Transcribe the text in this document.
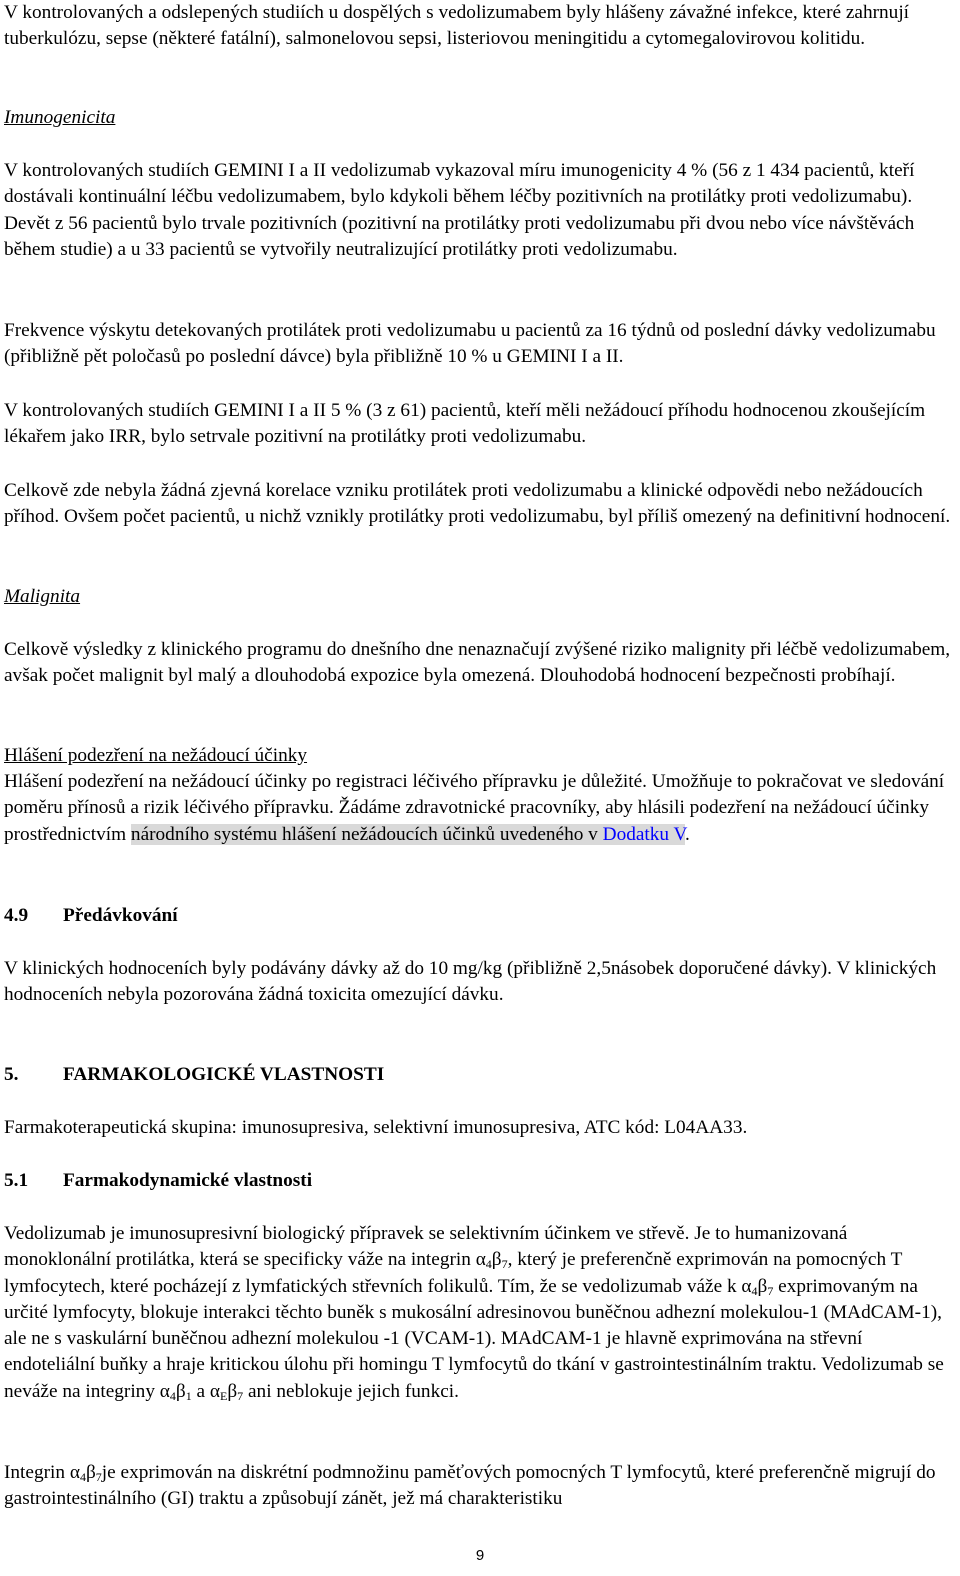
V kontrolovaných a odslepených studiích u dospělých s vedolizumabem byly hlášeny závažné infekce, které zahrnují tuberkulózu, sepse (některé fatální), salmonelovou sepsi, listeriovou meningitidu a cytomegalovirovou kolitidu.

Imunogenicita

V kontrolovaných studiích GEMINI I a II vedolizumab vykazoval míru imunogenicity 4 % (56 z 1 434 pacientů, kteří dostávali kontinuální léčbu vedolizumabem, bylo kdykoli během léčby pozitivních na protilátky proti vedolizumabu). Devět z 56 pacientů bylo trvale pozitivních (pozitivní na protilátky proti vedolizumabu při dvou nebo více návštěvách během studie) a u 33 pacientů se vytvořily neutralizující protilátky proti vedolizumabu.

Frekvence výskytu detekovaných protilátek proti vedolizumabu u pacientů za 16 týdnů od poslední dávky vedolizumabu (přibližně pět poločasů po poslední dávce) byla přibližně 10 % u GEMINI I a II.

V kontrolovaných studiích GEMINI I a II 5 % (3 z 61) pacientů, kteří měli nežádoucí příhodu hodnocenou zkoušejícím lékařem jako IRR, bylo setrvale pozitivní na protilátky proti vedolizumabu.

Celkově zde nebyla žádná zjevná korelace vzniku protilátek proti vedolizumabu a klinické odpovědi nebo nežádoucích příhod. Ovšem počet pacientů, u nichž vznikly protilátky proti vedolizumabu, byl příliš omezený na definitivní hodnocení.

Malignita

Celkově výsledky z klinického programu do dnešního dne nenaznačují zvýšené riziko malignity při léčbě vedolizumabem, avšak počet malignit byl malý a dlouhodobá expozice byla omezená. Dlouhodobá hodnocení bezpečnosti probíhají.

Hlášení podezření na nežádoucí účinky

Hlášení podezření na nežádoucí účinky po registraci léčivého přípravku je důležité. Umožňuje to pokračovat ve sledování poměru přínosů a rizik léčivého přípravku. Žádáme zdravotnické pracovníky, aby hlásili podezření na nežádoucí účinky prostřednictvím národního systému hlášení nežádoucích účinků uvedeného v Dodatku V.

4.9 Předávkování

V klinických hodnoceních byly podávány dávky až do 10 mg/kg (přibližně 2,5násobek doporučené dávky). V klinických hodnoceních nebyla pozorována žádná toxicita omezující dávku.

5. FARMAKOLOGICKÉ VLASTNOSTI

Farmakoterapeutická skupina: imunosupresiva, selektivní imunosupresiva, ATC kód: L04AA33.

5.1 Farmakodynamické vlastnosti

Vedolizumab je imunosupresivní biologický přípravek se selektivním účinkem ve střevě. Je to humanizovaná monoklonální protilátka, která se specificky váže na integrin $\alpha_4\beta_7$, který je preferenčně exprimován na pomocných T lymfocytech, které pocházejí z lymfatických střevních folikulů. Tím, že se vedolizumab váže k $\alpha_4\beta_7$ exprimovaným na určité lymfocyty, blokuje interakci těchto buněk s mukosální adresinovou buněčnou adhezní molekulou-1 (MAdCAM-1), ale ne s vaskulární buněčnou adhezní molekulou -1 (VCAM-1). MAdCAM-1 je hlavně exprimována na střevní endoteliální buňky a hraje kritickou úlohu při homingu T lymfocytů do tkání v gastrointestinálním traktu. Vedolizumab se neváže na integriny $\alpha_4\beta_1$ a $\alpha_E\beta_7$ ani neblokuje jejich funkci.

Integrin $\alpha_4\beta_7je$ exprimován na diskrétní podmnožinu paměťových pomocných T lymfocytů, které preferenčně migrují do gastrointestinálního (GI) traktu a způsobují zánět, jež má charakteristiku

9
